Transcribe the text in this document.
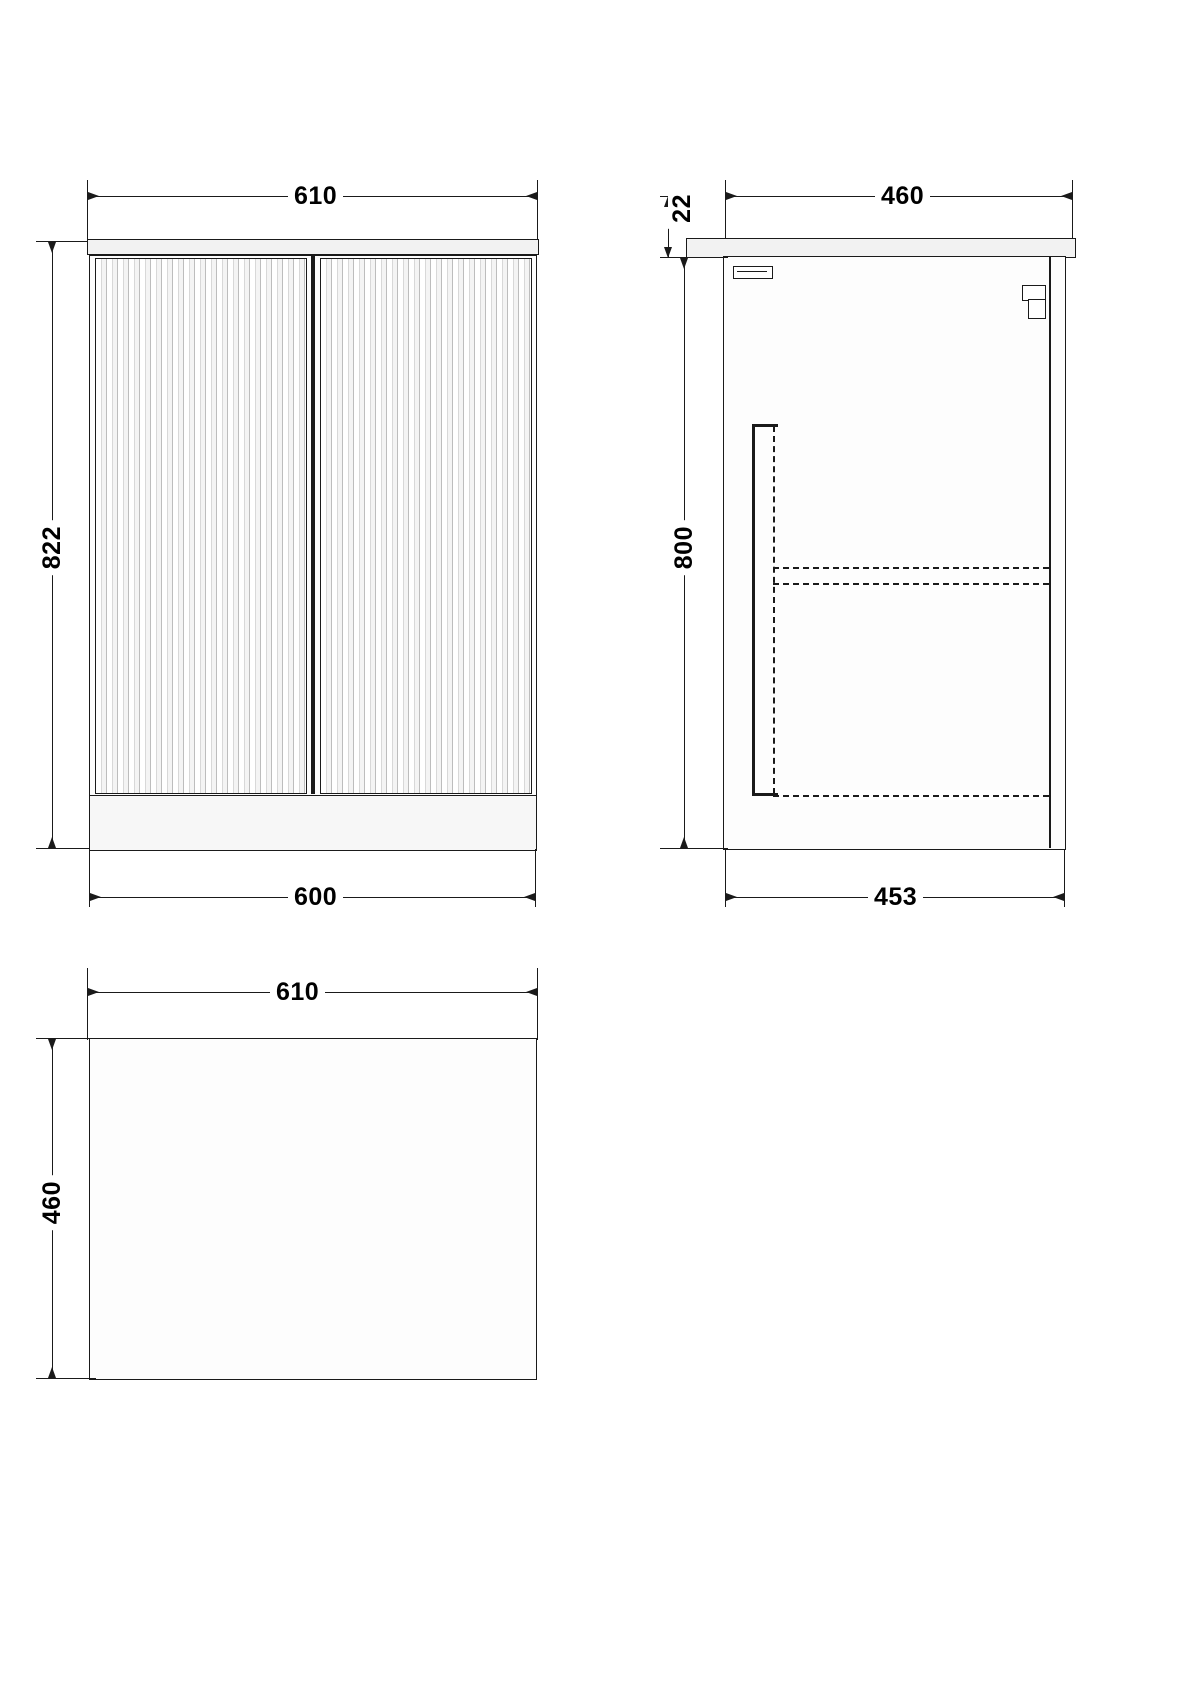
610
822
600
460
22
800
453
610
460
